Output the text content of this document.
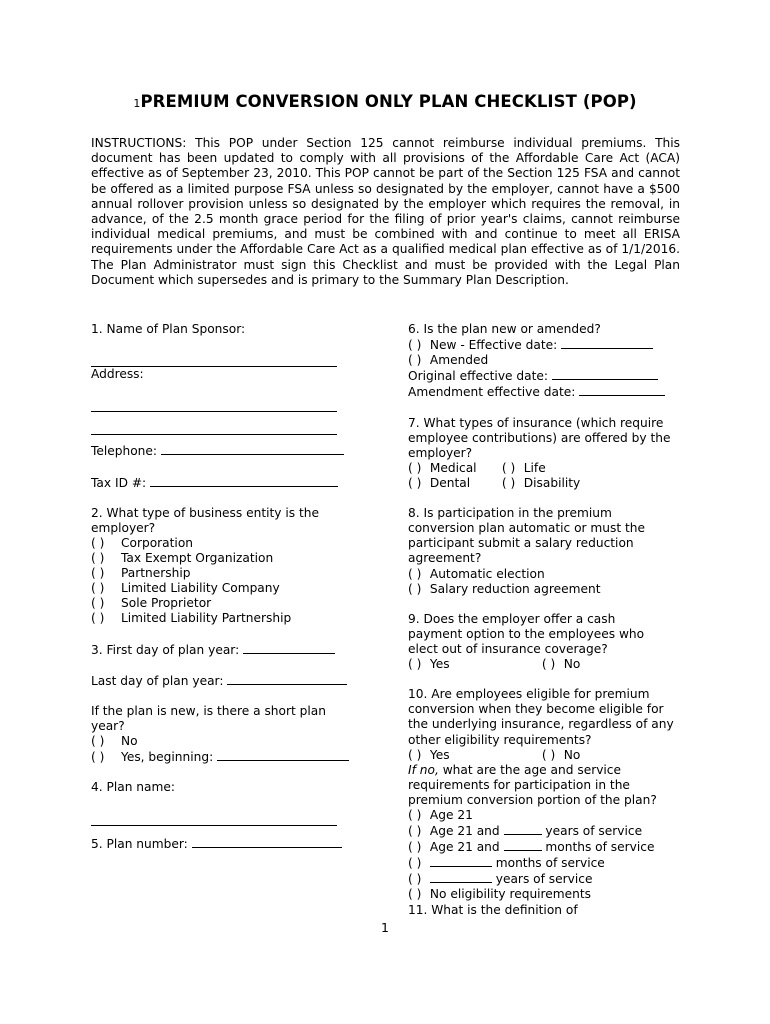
1PREMIUM CONVERSION ONLY PLAN CHECKLIST (POP)
INSTRUCTIONS: This POP under Section 125 cannot reimburse individual premiums. This document has been updated to comply with all provisions of the Affordable Care Act (ACA) effective as of September 23, 2010. This POP cannot be part of the Section 125 FSA and cannot be offered as a limited purpose FSA unless so designated by the employer, cannot have a $500 annual rollover provision unless so designated by the employer which requires the removal, in advance, of the 2.5 month grace period for the filing of prior year's claims, cannot reimburse individual medical premiums, and must be combined with and continue to meet all ERISA requirements under the Affordable Care Act as a qualified medical plan effective as of 1/1/2016. The Plan Administrator must sign this Checklist and must be provided with the Legal Plan Document which supersedes and is primary to the Summary Plan Description.
1. Name of Plan Sponsor:
Address:
Telephone:
Tax ID #:
2. What type of business entity is the employer?
( ) Corporation
( ) Tax Exempt Organization
( ) Partnership
( ) Limited Liability Company
( ) Sole Proprietor
( ) Limited Liability Partnership
3. First day of plan year:
Last day of plan year:
If the plan is new, is there a short plan year?
( ) No
( ) Yes, beginning:
4. Plan name:
5. Plan number:
6. Is the plan new or amended?
( ) New - Effective date:
( ) Amended
Original effective date:
Amendment effective date:
7. What types of insurance (which require employee contributions) are offered by the employer?
( ) Medical ( ) Life
( ) Dental	( ) Disability
8. Is participation in the premium conversion plan automatic or must the participant submit a salary reduction agreement?
( ) Automatic election
( ) Salary reduction agreement
9. Does the employer offer a cash payment option to the employees who elect out of insurance coverage?
( ) Yes	( ) No
10. Are employees eligible for premium conversion when they become eligible for the underlying insurance, regardless of any other eligibility requirements?
( ) Yes	( ) No
If no, what are the age and service requirements for participation in the premium conversion portion of the plan?
( ) Age 21
( ) Age 21 and	years of service
( ) Age 21 and	months of service
( )	months of service
( )	years of service
( ) No eligibility requirements
11. What is the definition of
1
